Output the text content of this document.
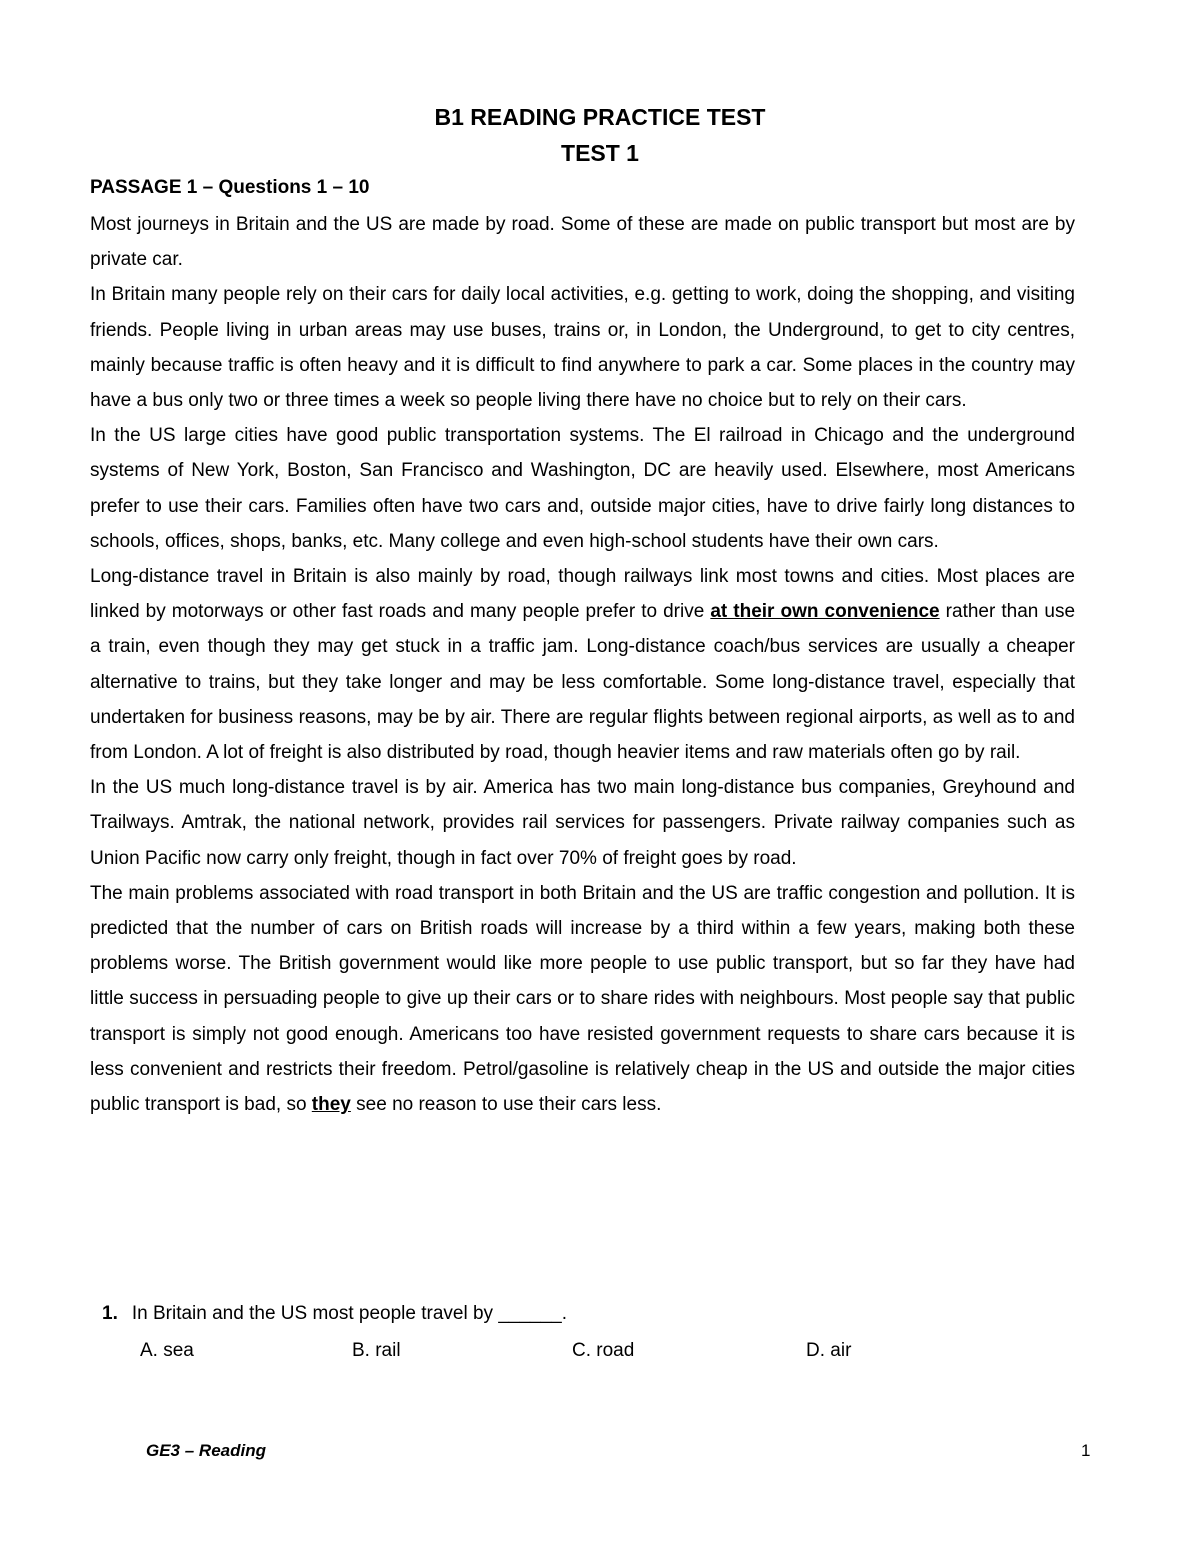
B1 READING PRACTICE TEST
TEST 1
PASSAGE 1 – Questions 1 – 10

Most journeys in Britain and the US are made by road. Some of these are made on public transport but most are by private car.

In Britain many people rely on their cars for daily local activities, e.g. getting to work, doing the shopping, and visiting friends. People living in urban areas may use buses, trains or, in London, the Underground, to get to city centres, mainly because traffic is often heavy and it is difficult to find anywhere to park a car. Some places in the country may have a bus only two or three times a week so people living there have no choice but to rely on their cars.

In the US large cities have good public transportation systems. The El railroad in Chicago and the underground systems of New York, Boston, San Francisco and Washington, DC are heavily used. Elsewhere, most Americans prefer to use their cars. Families often have two cars and, outside major cities, have to drive fairly long distances to schools, offices, shops, banks, etc. Many college and even high-school students have their own cars.

Long-distance travel in Britain is also mainly by road, though railways link most towns and cities. Most places are linked by motorways or other fast roads and many people prefer to drive at their own convenience rather than use a train, even though they may get stuck in a traffic jam. Long-distance coach/bus services are usually a cheaper alternative to trains, but they take longer and may be less comfortable. Some long-distance travel, especially that undertaken for business reasons, may be by air. There are regular flights between regional airports, as well as to and from London. A lot of freight is also distributed by road, though heavier items and raw materials often go by rail.

In the US much long-distance travel is by air. America has two main long-distance bus companies, Greyhound and Trailways. Amtrak, the national network, provides rail services for passengers. Private railway companies such as Union Pacific now carry only freight, though in fact over 70% of freight goes by road.

The main problems associated with road transport in both Britain and the US are traffic congestion and pollution. It is predicted that the number of cars on British roads will increase by a third within a few years, making both these problems worse. The British government would like more people to use public transport, but so far they have had little success in persuading people to give up their cars or to share rides with neighbours. Most people say that public transport is simply not good enough. Americans too have resisted government requests to share cars because it is less convenient and restricts their freedom. Petrol/gasoline is relatively cheap in the US and outside the major cities public transport is bad, so they see no reason to use their cars less.

1. In Britain and the US most people travel by ______.
A. sea	B. rail	C. road	D. air
GE3 – Reading	1
